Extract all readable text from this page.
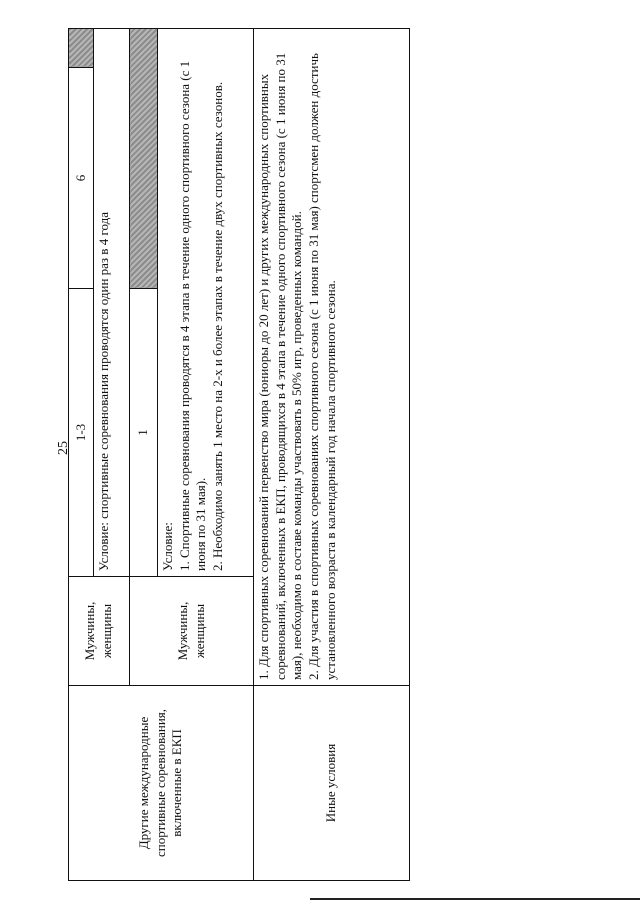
25
Другие международные спортивные соревнования, включенные в ЕКП	Мужчины, женщины	1-3	6	
		Условие: спортивные соревнования проводятся один раз в 4 года		
	Мужчины, женщины	1		

		Условие: 1. Спортивные соревнования проводятся в 4 этапа в течение одного спортивного сезона (с 1 июня по 31 мая). 2. Необходимо занять 1 место на 2-х и более этапах в течение двух спортивных сезонов.		

Иные условия	1. Для спортивных соревнований первенство мира (юниоры до 20 лет) и других международных спортивных соревнований, включенных в ЕКП, проводящихся в 4 этапа в течение одного спортивного сезона (с 1 июня по 31 мая), необходимо в составе команды участвовать в 50% игр, проведенных командой. 2. Для участия в спортивных соревнованиях спортивного сезона (с 1 июня по 31 мая) спортсмен должен достичь установленного возраста в календарный год начала спортивного сезона.			
